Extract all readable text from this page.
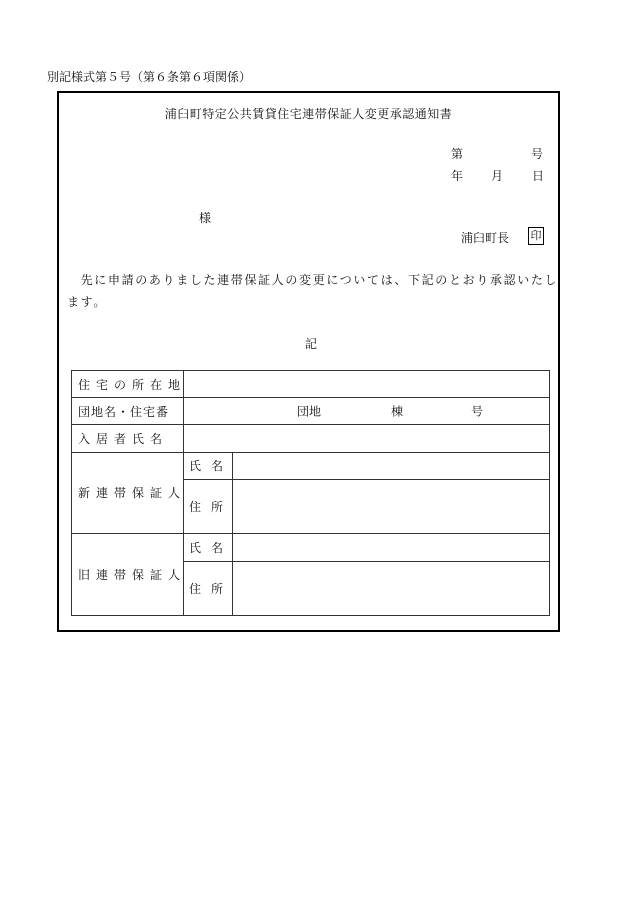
別記様式第５号（第６条第６項関係）
浦臼町特定公共賃貸住宅連帯保証人変更承認通知書
第	号
年 月 日
様
浦臼町長 印
　先に申請のありました連帯保証人の変更については、下記のとおり承認いたし
ます。
記
住宅の所在地		
団地名・住宅番	団地 棟 号	

入居者氏名		
新連帯保証人	氏名	
	住所	
旧連帯保証人	氏名	
	住所	
